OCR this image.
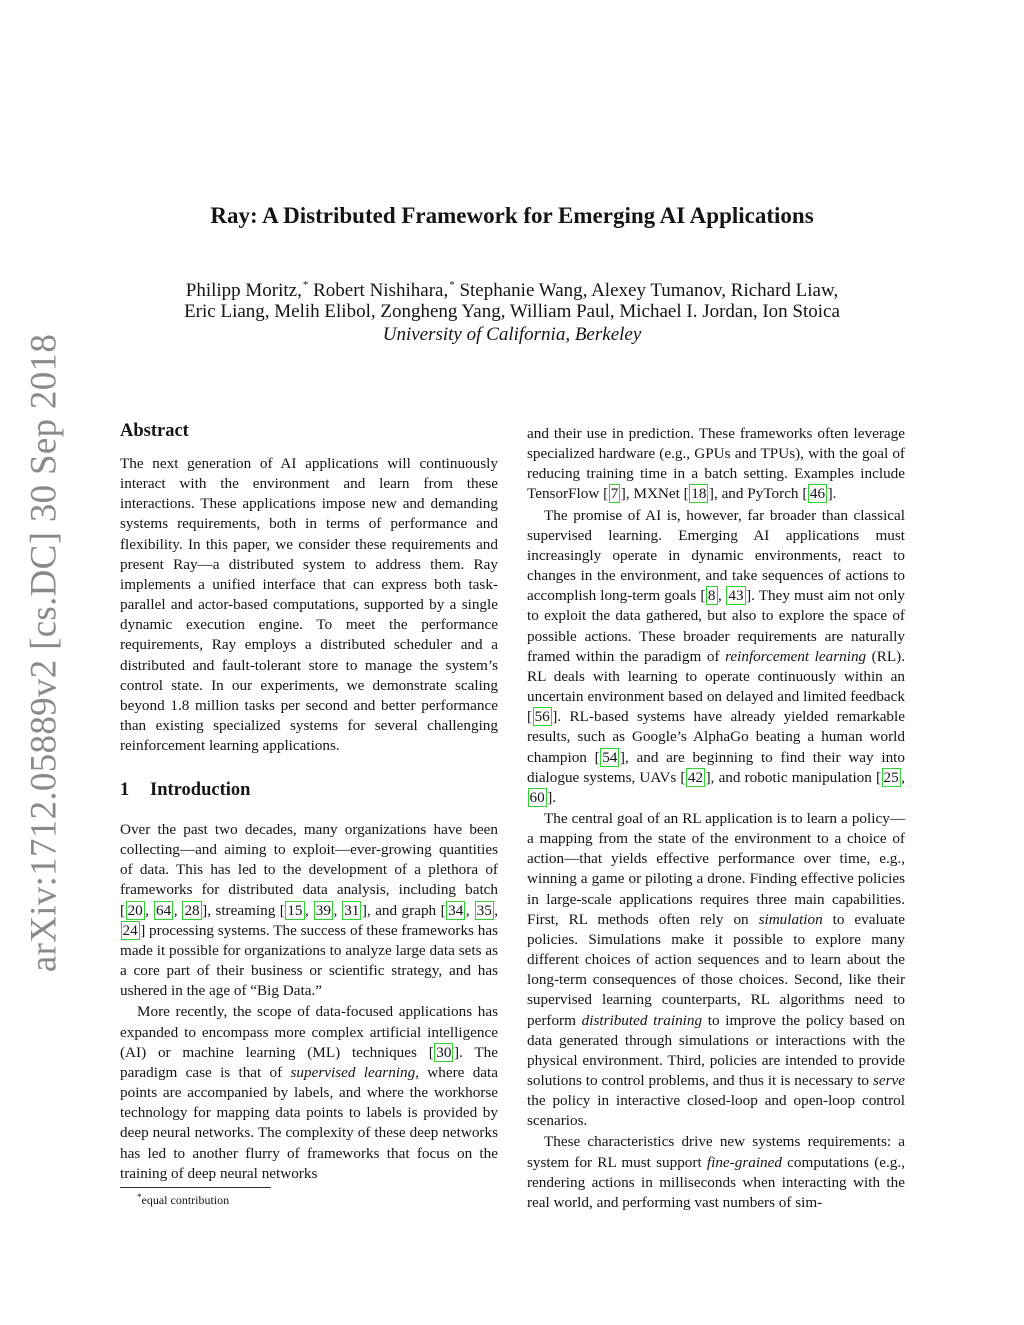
arXiv:1712.05889v2 [cs.DC] 30 Sep 2018
Ray: A Distributed Framework for Emerging AI Applications

Philipp Moritz,* Robert Nishihara,* Stephanie Wang, Alexey Tumanov, Richard Liaw,

Eric Liang, Melih Elibol, Zongheng Yang, William Paul, Michael I. Jordan, Ion Stoica

University of California, Berkeley

Abstract

The next generation of AI applications will continuously interact with the environment and learn from these interactions. These applications impose new and demanding systems requirements, both in terms of performance and flexibility. In this paper, we consider these requirements and present Ray—a distributed system to address them. Ray implements a unified interface that can express both task-parallel and actor-based computations, supported by a single dynamic execution engine. To meet the performance requirements, Ray employs a distributed scheduler and a distributed and fault-tolerant store to manage the system’s control state. In our experiments, we demonstrate scaling beyond 1.8 million tasks per second and better performance than existing specialized systems for several challenging reinforcement learning applications.

1 Introduction

Over the past two decades, many organizations have been collecting—and aiming to exploit—ever-growing quantities of data. This has led to the development of a plethora of frameworks for distributed data analysis, including batch [ 20 , 64 , 28 ], streaming [ 15 , 39 , 31 ], and graph [ 34 , 35 , 24 ] processing systems. The success of these frameworks has made it possible for organizations to analyze large data sets as a core part of their business or scientific strategy, and has ushered in the age of “Big Data.”

More recently, the scope of data-focused applications has expanded to encompass more complex artificial intelligence (AI) or machine learning (ML) techniques [ 30 ]. The paradigm case is that of supervised learning, where data points are accompanied by labels, and where the workhorse technology for mapping data points to labels is provided by deep neural networks. The complexity of these deep networks has led to another flurry of frameworks that focus on the training of deep neural networks

and their use in prediction. These frameworks often leverage specialized hardware (e.g., GPUs and TPUs), with the goal of reducing training time in a batch setting. Examples include TensorFlow [ 7 ], MXNet [ 18 ], and PyTorch [ 46 ].

The promise of AI is, however, far broader than classical supervised learning. Emerging AI applications must increasingly operate in dynamic environments, react to changes in the environment, and take sequences of actions to accomplish long-term goals [ 8 , 43 ]. They must aim not only to exploit the data gathered, but also to explore the space of possible actions. These broader requirements are naturally framed within the paradigm of reinforcement learning (RL). RL deals with learning to operate continuously within an uncertain environment based on delayed and limited feedback [ 56 ]. RL-based systems have already yielded remarkable results, such as Google’s AlphaGo beating a human world champion [ 54 ], and are beginning to find their way into dialogue systems, UAVs [ 42 ], and robotic manipulation [ 25 , 60 ].

The central goal of an RL application is to learn a policy—a mapping from the state of the environment to a choice of action—that yields effective performance over time, e.g., winning a game or piloting a drone. Finding effective policies in large-scale applications requires three main capabilities. First, RL methods often rely on simulation to evaluate policies. Simulations make it possible to explore many different choices of action sequences and to learn about the long-term consequences of those choices. Second, like their supervised learning counterparts, RL algorithms need to perform distributed training to improve the policy based on data generated through simulations or interactions with the physical environment. Third, policies are intended to provide solutions to control problems, and thus it is necessary to serve the policy in interactive closed-loop and open-loop control scenarios.

These characteristics drive new systems requirements: a system for RL must support fine-grained computations (e.g., rendering actions in milliseconds when interacting with the real world, and performing vast numbers of sim-

*equal contribution
